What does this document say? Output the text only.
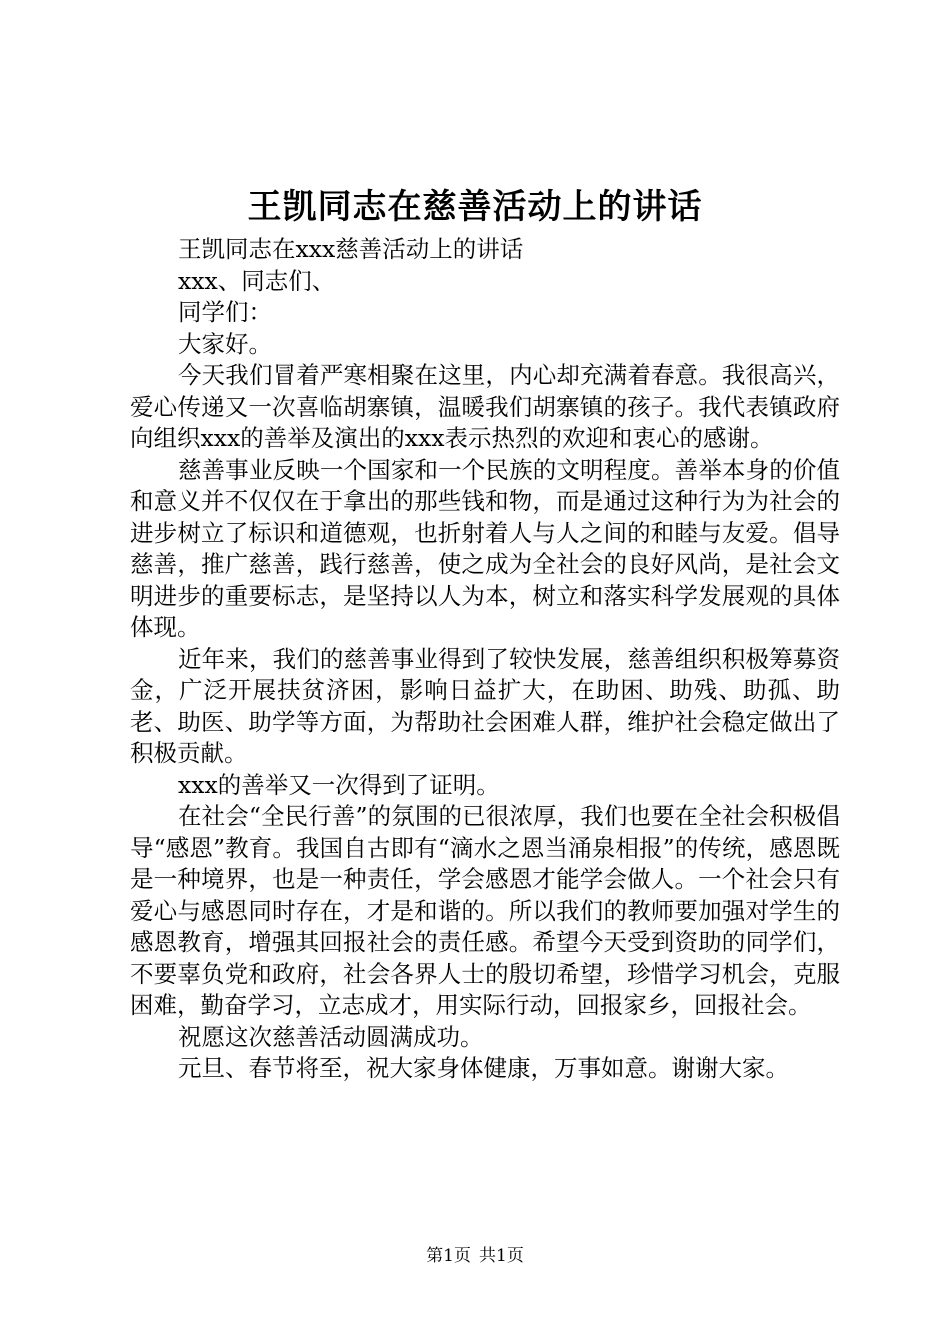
王凯同志在慈善活动上的讲话

王凯同志在xxx慈善活动上的讲话

xxx、同志们、

同学们：

大家好。

今天我们冒着严寒相聚在这里，内心却充满着春意。我很高兴，爱心传递又一次喜临胡寨镇，温暖我们胡寨镇的孩子。我代表镇政府向组织xxx的善举及演出的xxx表示热烈的欢迎和衷心的感谢。

慈善事业反映一个国家和一个民族的文明程度。善举本身的价值和意义并不仅仅在于拿出的那些钱和物，而是通过这种行为为社会的进步树立了标识和道德观，也折射着人与人之间的和睦与友爱。倡导慈善，推广慈善，践行慈善，使之成为全社会的良好风尚，是社会文明进步的重要标志，是坚持以人为本，树立和落实科学发展观的具体体现。

近年来，我们的慈善事业得到了较快发展，慈善组织积极筹募资金，广泛开展扶贫济困，影响日益扩大，在助困、助残、助孤、助老、助医、助学等方面，为帮助社会困难人群，维护社会稳定做出了积极贡献。

xxx的善举又一次得到了证明。

在社会“全民行善”的氛围的已很浓厚，我们也要在全社会积极倡导“感恩”教育。我国自古即有“滴水之恩当涌泉相报”的传统，感恩既是一种境界，也是一种责任，学会感恩才能学会做人。一个社会只有爱心与感恩同时存在，才是和谐的。所以我们的教师要加强对学生的感恩教育，增强其回报社会的责任感。希望今天受到资助的同学们，不要辜负党和政府，社会各界人士的殷切希望，珍惜学习机会，克服困难，勤奋学习，立志成才，用实际行动，回报家乡，回报社会。

祝愿这次慈善活动圆满成功。

元旦、春节将至，祝大家身体健康，万事如意。谢谢大家。

第1页 共1页
